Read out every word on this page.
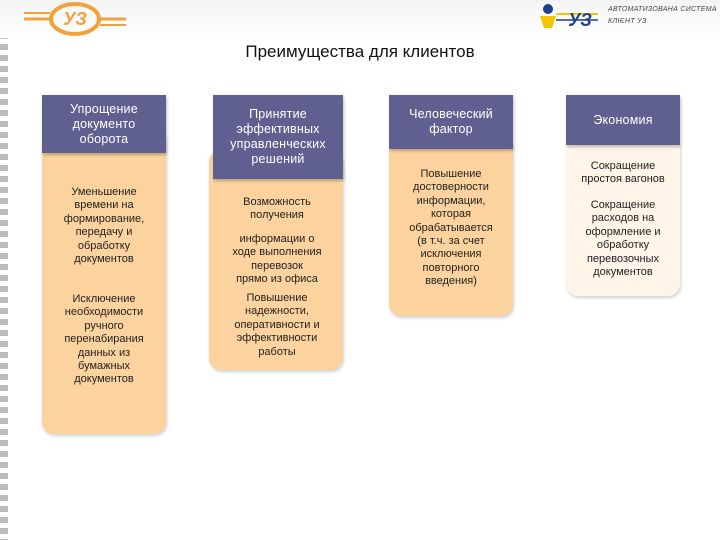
УЗ	УЗ
АВТОМАТИЗОВАНА СИСТЕМА
КЛІЄНТ УЗ
Преимущества для клиентов
Упрощение
документо
оборота
Уменьшение
времени на
формирование,
передачу и
обработку
документов
Исключение
необходимости
ручного
перенабирания
данных из
бумажных
документов
Принятие
эффективных
управленческих
решений
Возможность
получения
информации о
ходе выполнения
перевозок
прямо из офиса
Повышение
надежности,
оперативности и
эффективности
работы
Человеческий
фактор
Повышение
достоверности
информации,
которая
обрабатывается
(в т.ч. за счет
исключения
повторного
введения)
Экономия
Сокращение
простоя вагонов
Сокращение
расходов на
оформление и
обработку
перевозочных
документов
